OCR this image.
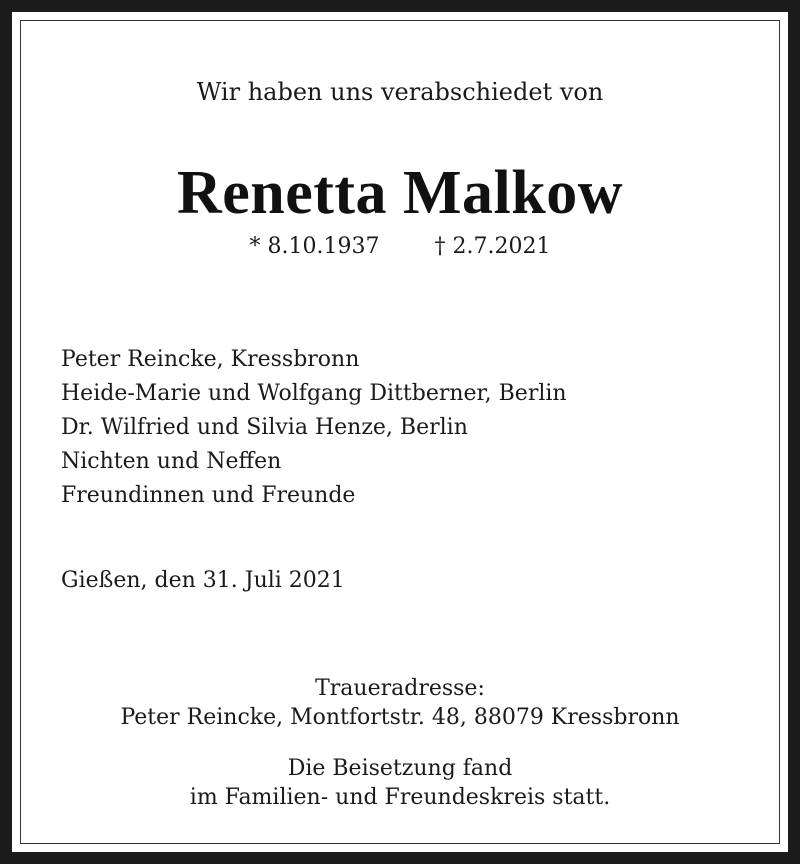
Wir haben uns verabschiedet von
Renetta Malkow
* 8.10.1937	† 2.7.2021
Peter Reincke, Kressbronn
Heide-Marie und Wolfgang Dittberner, Berlin
Dr. Wilfried und Silvia Henze, Berlin
Nichten und Neffen
Freundinnen und Freunde
Gießen, den 31. Juli 2021
Traueradresse:
Peter Reincke, Montfortstr. 48, 88079 Kressbronn
Die Beisetzung fand
im Familien- und Freundeskreis statt.
